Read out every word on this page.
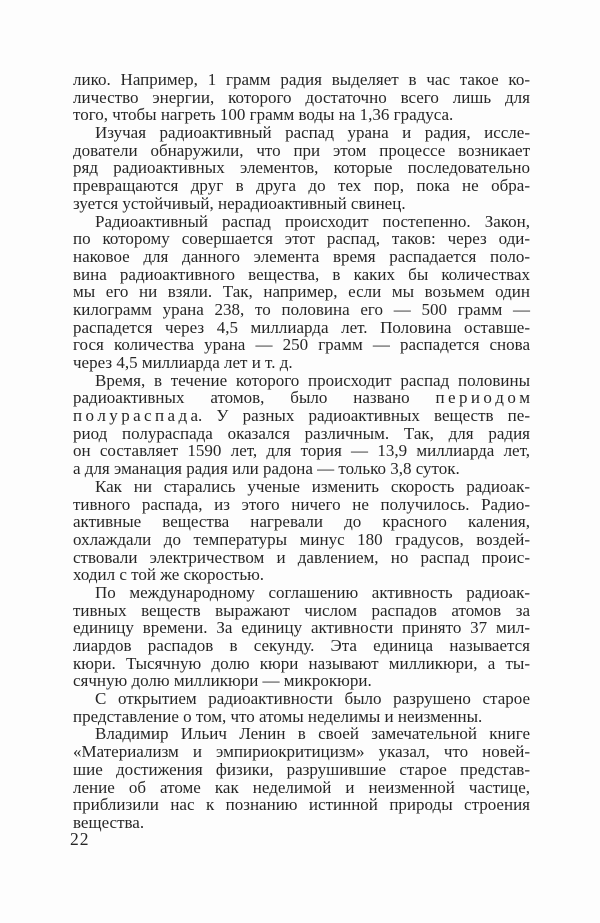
лико. Например, 1 грамм радия выделяет в час такое ко-
личество энергии, которого достаточно всего лишь для
того, чтобы нагреть 100 грамм воды на 1,36 градуса.
Изучая радиоактивный распад урана и радия, иссле-
дователи обнаружили, что при этом процессе возникает
ряд радиоактивных элементов, которые последовательно
превращаются друг в друга до тех пор, пока не обра-
зуется устойчивый, нерадиоактивный свинец.
Радиоактивный распад происходит постепенно. Закон,
по которому совершается этот распад, таков: через оди-
наковое для данного элемента время распадается поло-
вина радиоактивного вещества, в каких бы количествах
мы его ни взяли. Так, например, если мы возьмем один
килограмм урана 238, то половина его — 500 грамм —
распадется через 4,5 миллиарда лет. Половина оставше-
гося количества урана — 250 грамм — распадется снова
через 4,5 миллиарда лет и т. д.
Время, в течение которого происходит распад половины
радиоактивных атомов, было названо п е р и о д о м
п о л у р а с п а д а. У разных радиоактивных веществ пе-
риод полураспада оказался различным. Так, для радия
он составляет 1590 лет, для тория — 13,9 миллиарда лет,
а для эманация радия или радона — только 3,8 суток.
Как ни старались ученые изменить скорость радиоак-
тивного распада, из этого ничего не получилось. Радио-
активные вещества нагревали до красного каления,
охлаждали до температуры минус 180 градусов, воздей-
ствовали электричеством и давлением, но распад проис-
ходил с той же скоростью.
По международному соглашению активность радиоак-
тивных веществ выражают числом распадов атомов за
единицу времени. За единицу активности принято 37 мил-
лиардов распадов в секунду. Эта единица называется
кюри. Тысячную долю кюри называют милликюри, а ты-
сячную долю милликюри — микрокюри.
С открытием радиоактивности было разрушено старое
представление о том, что атомы неделимы и неизменны.
Владимир Ильич Ленин в своей замечательной книге
«Материализм и эмпириокритицизм» указал, что новей-
шие достижения физики, разрушившие старое представ-
ление об атоме как неделимой и неизменной частице,
приблизили нас к познанию истинной природы строения
вещества.
22
